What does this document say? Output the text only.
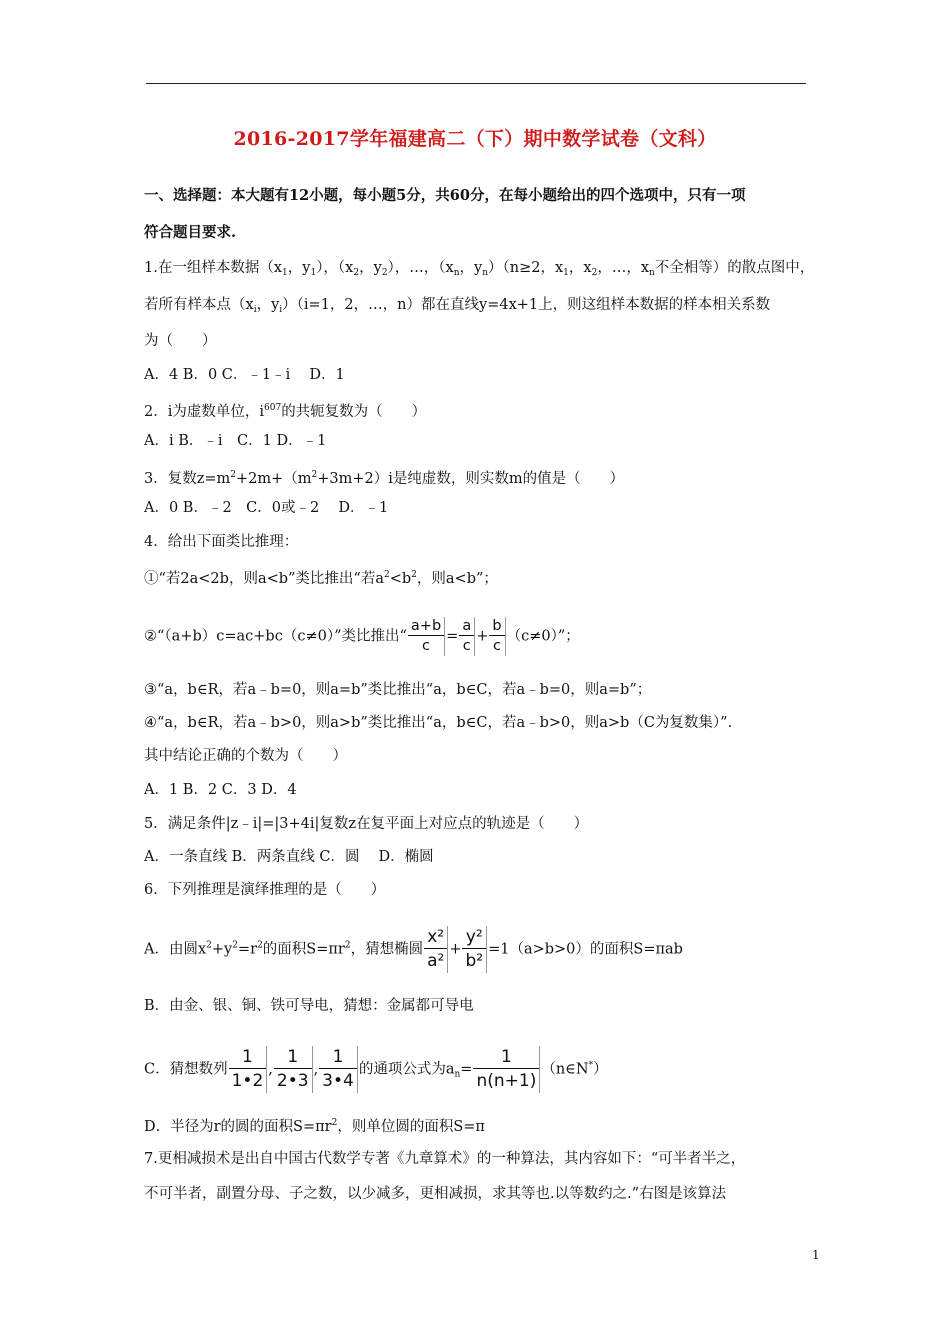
2016-2017学年福建高二（下）期中数学试卷（文科）
一、选择题：本大题有12小题，每小题5分，共60分，在每小题给出的四个选项中，只有一项
符合题目要求.
1.在一组样本数据（$x_1$，$y_1$），（$x_2$，$y_2$），…，（$x_n$，$y_n)(n\ge 2$，$x_1$，$x_2$，…，$x_n$不全相等）的散点图中，
若所有样本点（$x_i$，$y_i)(i=1$，2，…，n）都在直线y=4x+1上，则这组样本数据的样本相关系数
为（　　）
A．4 B．0 C．﹣1﹣i　 D．1
2．i为虚数单位，$i^{607}$的共轭复数为（　　）
A．i B．﹣i　C．1 D．﹣1
3．复数$z=m^2+2m+(m^2+3m+2)i$是纯虚数，则实数m的值是（　　）
A．0 B．﹣2　C．0或﹣2　 D．﹣1
4．给出下面类比推理：
①“若2a<2b，则a<b”类比推出“若$a^2<b^2$，则a<b”；
②“（a+b）c=ac+bc（c≠0）”类比推出“ $\frac{a+b}{c} = \frac{a}{c} + \frac{b}{c} (c\ne 0)$”；
③“a，b∈R，若a﹣b=0，则a=b”类比推出“a，b∈C，若a﹣b=0，则a=b”；
④“a，b∈R，若a﹣b>0，则a>b”类比推出“a，b∈C，若a﹣b>0，则a>b（C为复数集）”.
其中结论正确的个数为（　　）
A．1 B．2 C．3 D．4
5．满足条件|z﹣i|=|3+4i|复数z在复平面上对应点的轨迹是（　　）
A．一条直线 B．两条直线 C．圆　 D．椭圆
6．下列推理是演绎推理的是（　　）
A．由圆$x^2+y^2=r^2$的面积$S=\pi r^2$，猜想椭圆 $\frac{\text{x²}}{\text{a²}} + \frac{\text{y²}}{\text{b²}} =1(a>b>0)$的面积S=πab
B．由金、银、铜、铁可导电，猜想：金属都可导电
C．猜想数列 $\frac{1}{1•2}$ , $\frac{1}{2•3}$ , $\frac{1}{3•4}$ 的通项公式为$a_n= \frac{1}{n(n+1)}$ （n∈N*）
D．半径为r的圆的面积$S=\pi r^2$，则单位圆的面积S=π
7.更相减损术是出自中国古代数学专著《九章算术》的一种算法，其内容如下：“可半者半之，
不可半者，副置分母、子之数，以少减多，更相减损，求其等也.以等数约之.”右图是该算法
1
